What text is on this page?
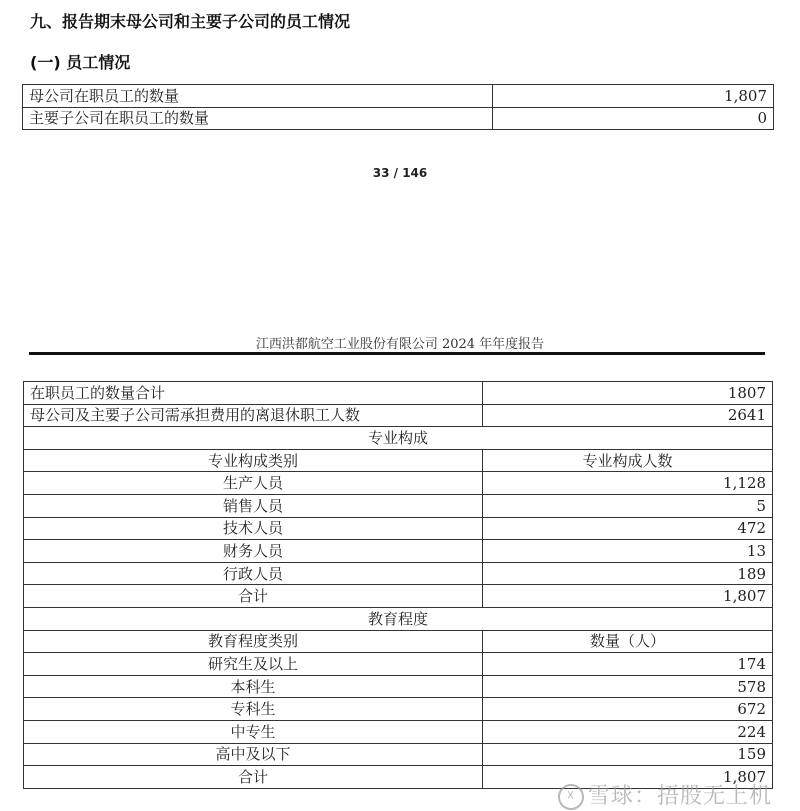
九、报告期末母公司和主要子公司的员工情况
(一) 员工情况
母公司在职员工的数量	1,807
主要子公司在职员工的数量	0
33 / 146
江西洪都航空工业股份有限公司 2024 年年度报告
在职员工的数量合计	1807
母公司及主要子公司需承担费用的离退休职工人数	2641
专业构成	
专业构成类别	专业构成人数
生产人员	1,128
销售人员	5
技术人员	472
财务人员	13
行政人员	189
合计	1,807
教育程度	
教育程度类别	数量（人）
研究生及以上	174
本科生	578
专科生	672
中专生	224
高中及以下	159
合计	1,807
☓ 雪球：捂股无上机
